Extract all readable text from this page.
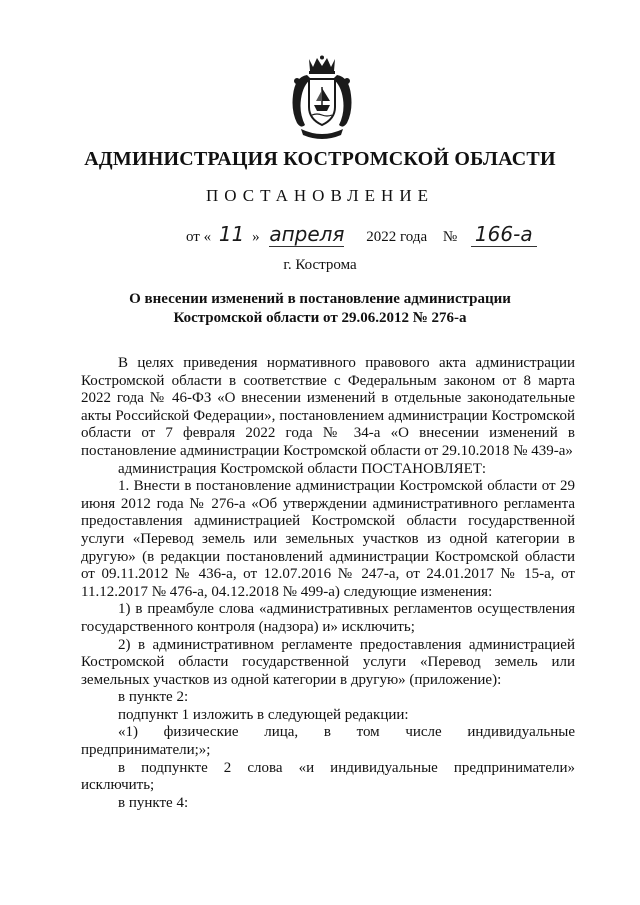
АДМИНИСТРАЦИЯ КОСТРОМСКОЙ ОБЛАСТИ
ПОСТАНОВЛЕНИЕ
от « 11 » апреля 2022 года № 166-а
г. Кострома
О внесении изменений в постановление администрации
Костромской области от 29.06.2012 № 276-а

В целях приведения нормативного правового акта администрации Костромской области в соответствие с Федеральным законом от 8 марта 2022 года № 46-ФЗ «О внесении изменений в отдельные законодательные акты Российской Федерации», постановлением администрации Костромской области от 7 февраля 2022 года № 34-а «О внесении изменений в постановление администрации Костромской области от 29.10.2018 № 439-а»

администрация Костромской области ПОСТАНОВЛЯЕТ:

1. Внести в постановление администрации Костромской области от 29 июня 2012 года № 276-а «Об утверждении административного регламента предоставления администрацией Костромской области государственной услуги «Перевод земель или земельных участков из одной категории в другую» (в редакции постановлений администрации Костромской области от 09.11.2012 № 436-а, от 12.07.2016 № 247-а, от 24.01.2017 № 15-а, от 11.12.2017 № 476-а, 04.12.2018 № 499-а) следующие изменения:

1) в преамбуле слова «административных регламентов осуществления государственного контроля (надзора) и» исключить;

2) в административном регламенте предоставления администрацией Костромской области государственной услуги «Перевод земель или земельных участков из одной категории в другую» (приложение):

в пункте 2:

подпункт 1 изложить в следующей редакции:

«1) физические лица, в том числе индивидуальные предприниматели;»;

в подпункте 2 слова «и индивидуальные предприниматели» исключить;

в пункте 4:
